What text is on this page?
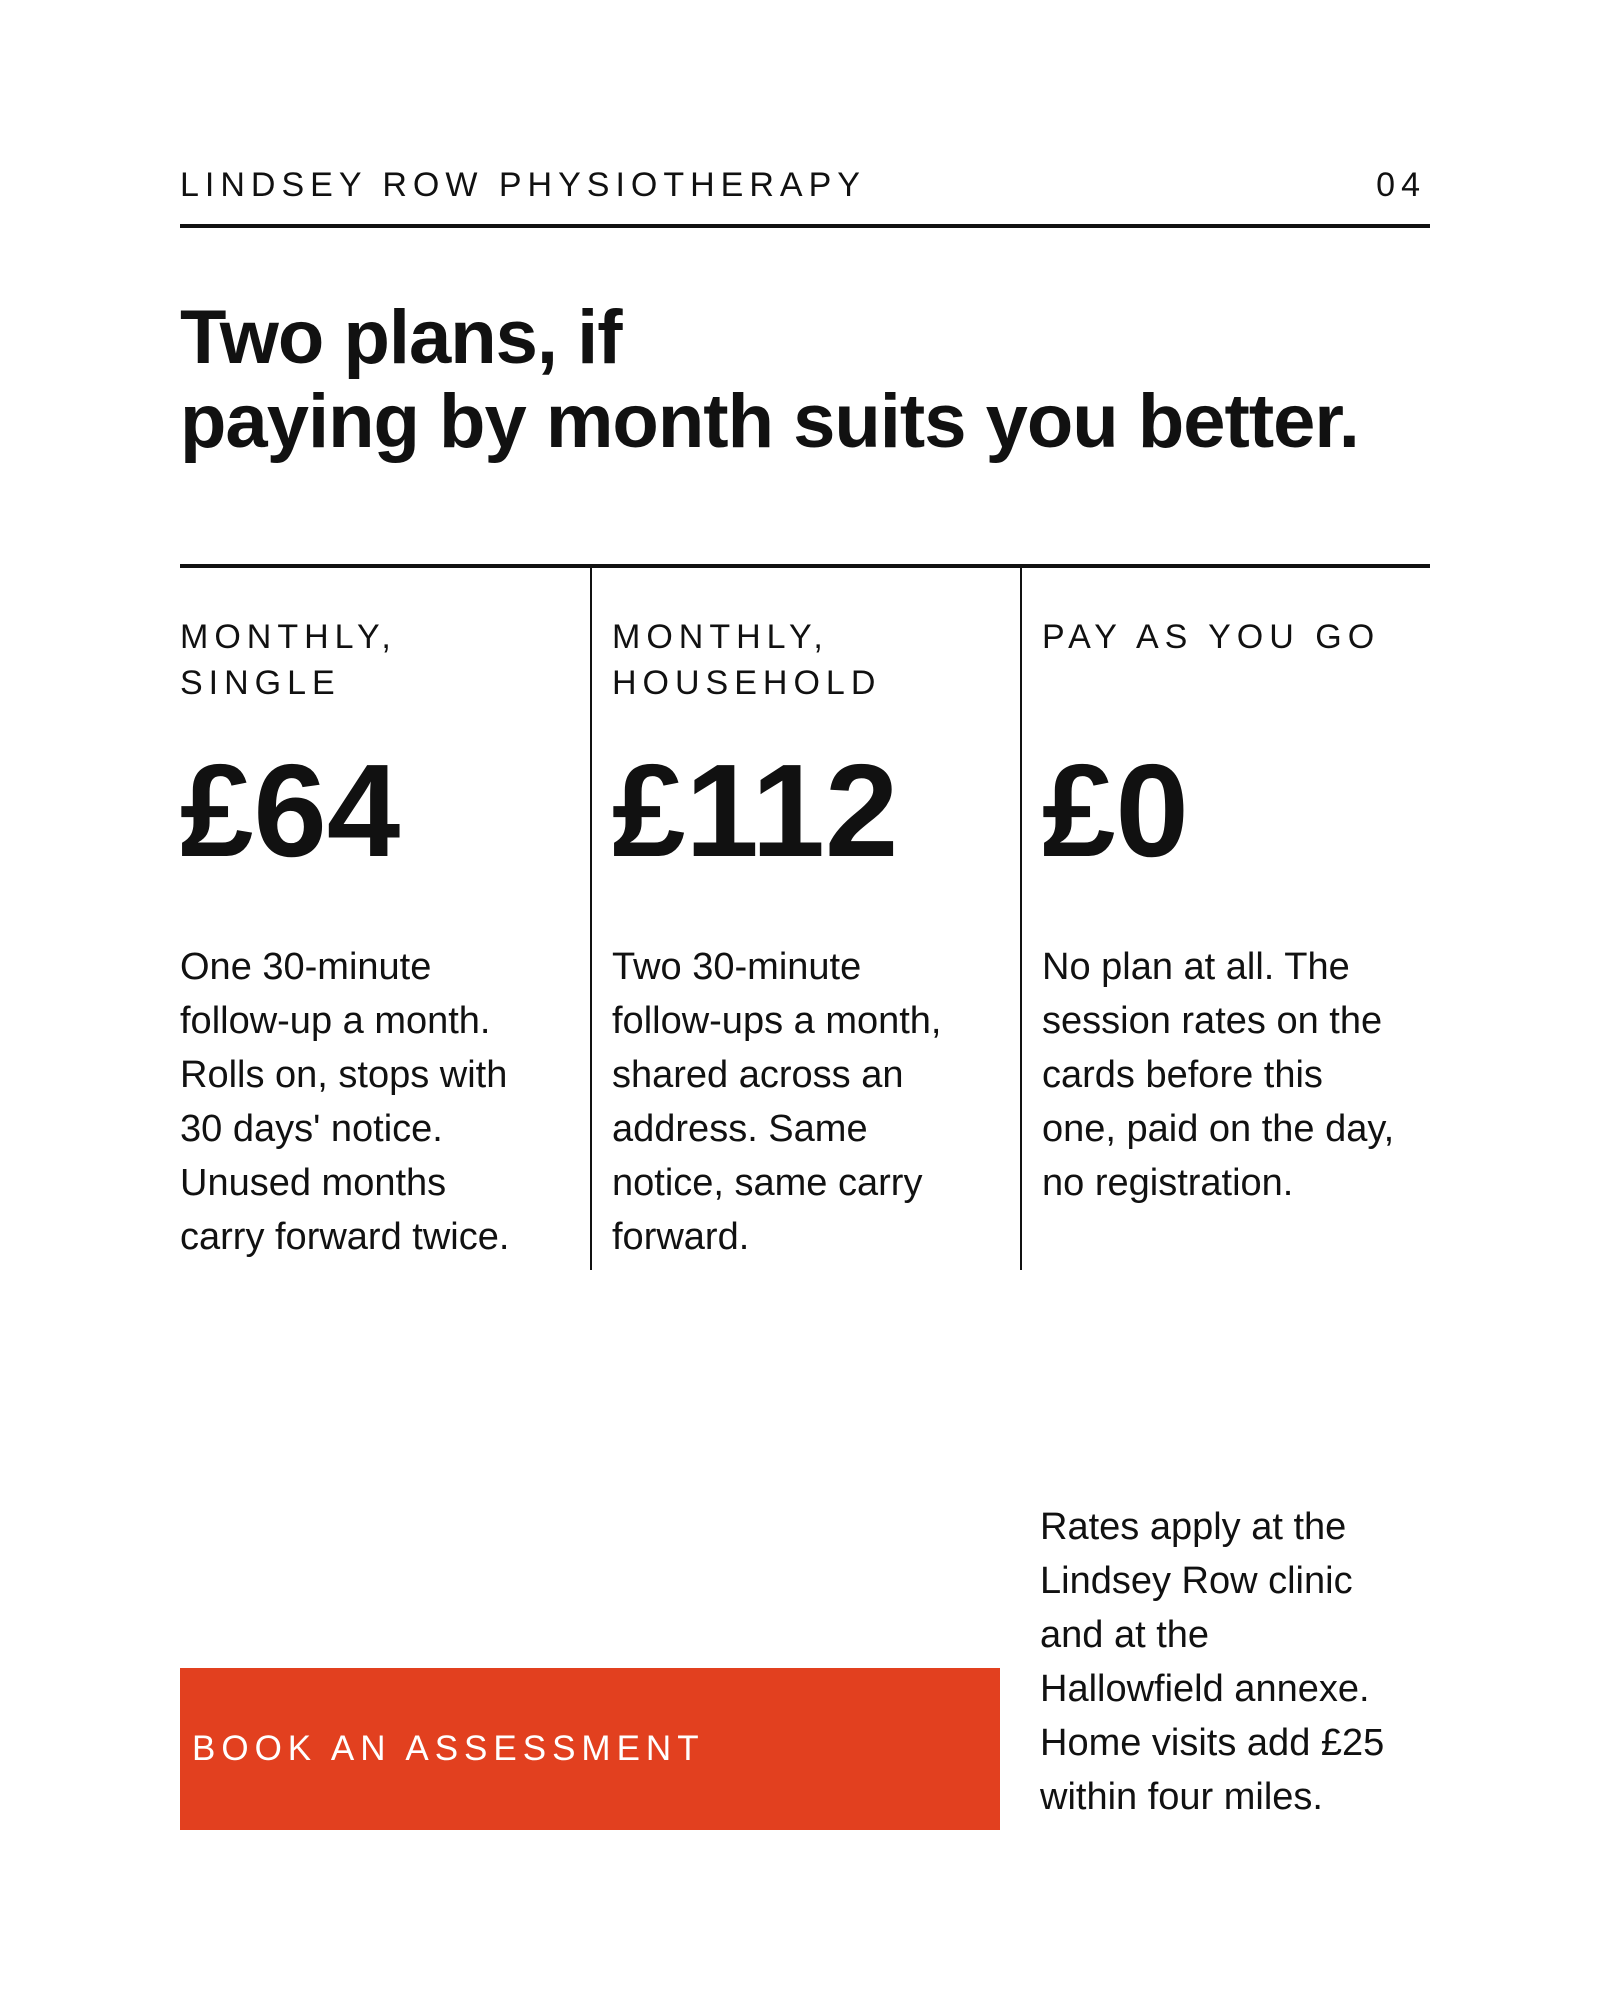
LINDSEY ROW PHYSIOTHERAPY	04
Two plans, if
paying by month suits you better.
MONTHLY,
SINGLE
£64
One 30-minute
follow-up a month.
Rolls on, stops with
30 days' notice.
Unused months
carry forward twice.
MONTHLY,
HOUSEHOLD
£112
Two 30-minute
follow-ups a month,
shared across an
address. Same
notice, same carry
forward.
PAY AS YOU GO
£0
No plan at all. The
session rates on the
cards before this
one, paid on the day,
no registration.
BOOK AN ASSESSMENT
Rates apply at the
Lindsey Row clinic
and at the
Hallowfield annexe.
Home visits add £25
within four miles.
